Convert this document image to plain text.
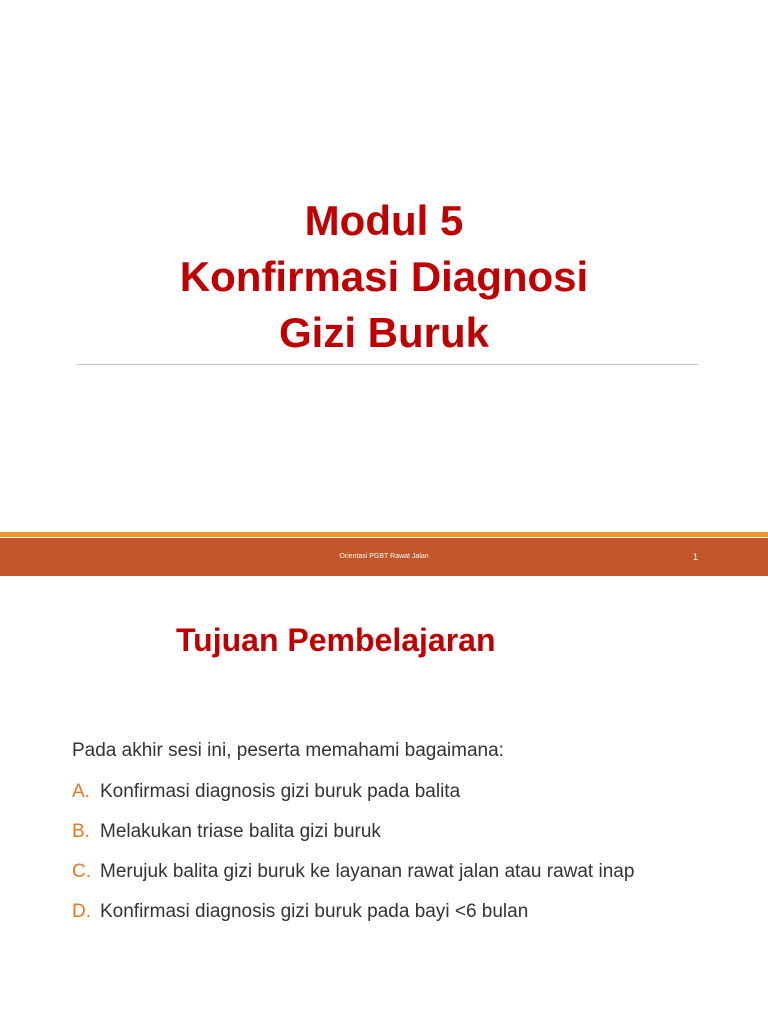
Modul 5
Konfirmasi Diagnosi
Gizi Buruk
Orientasi PGBT Rawat Jalan	1
Tujuan Pembelajaran
Pada akhir sesi ini, peserta memahami bagaimana:
A. Konfirmasi diagnosis gizi buruk pada balita
B. Melakukan triase balita gizi buruk
C. Merujuk balita gizi buruk ke layanan rawat jalan atau rawat inap
D. Konfirmasi diagnosis gizi buruk pada bayi <6 bulan
